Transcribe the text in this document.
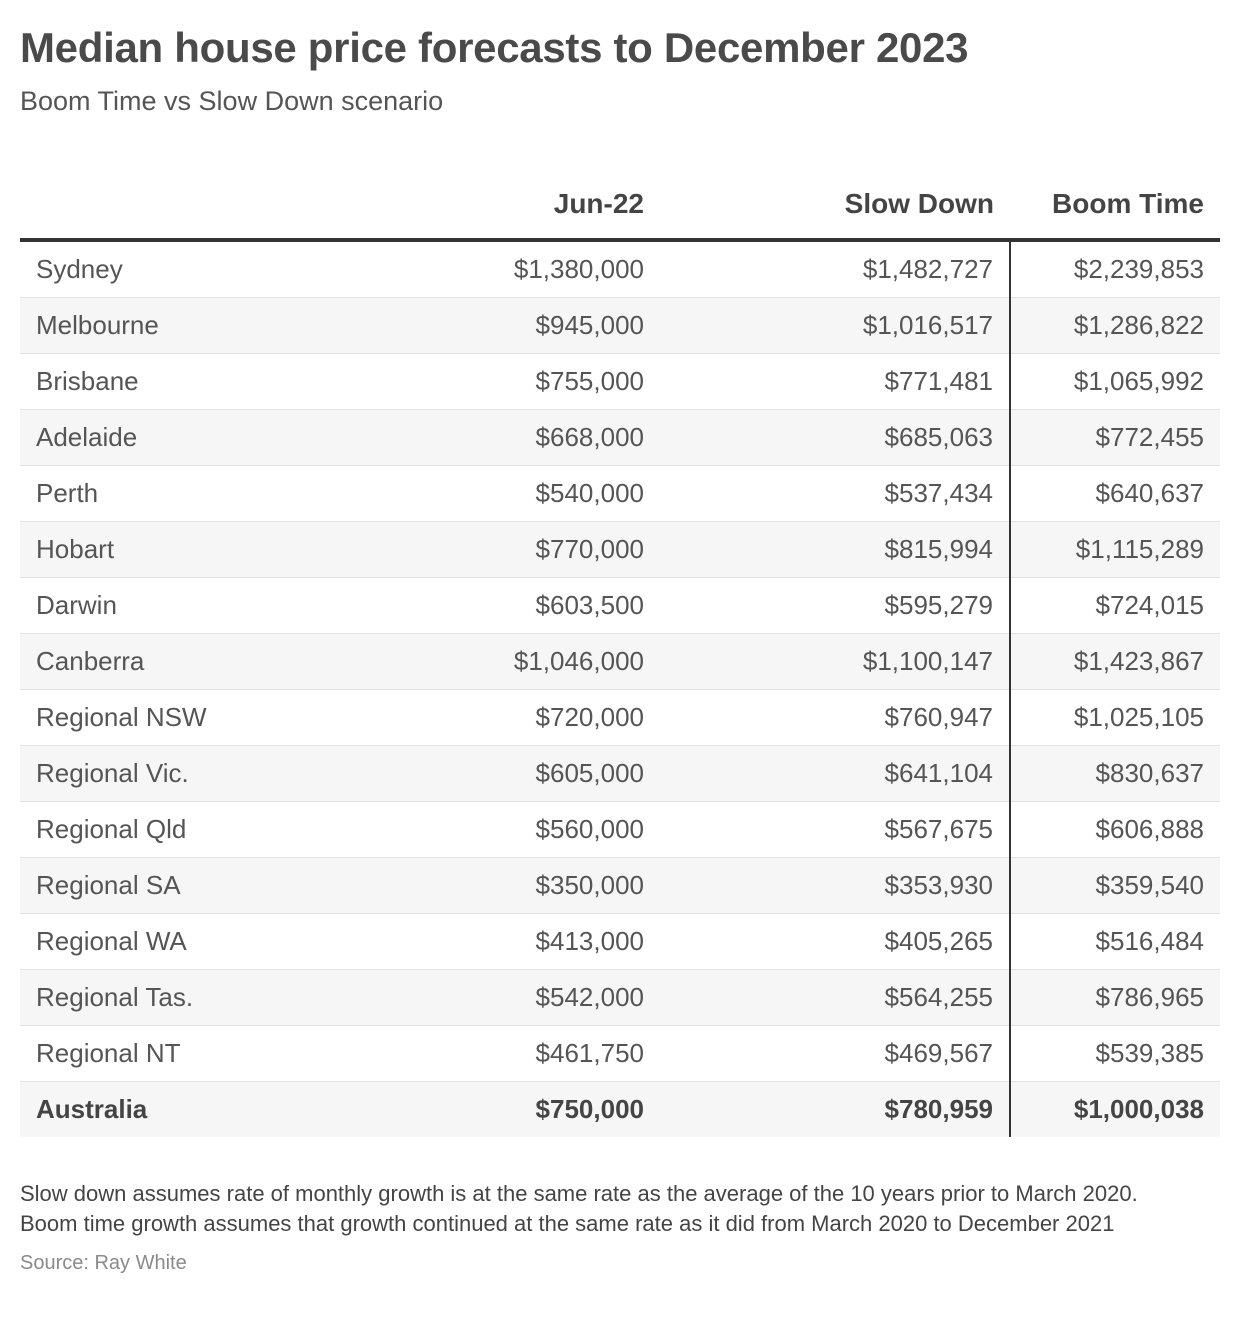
Median house price forecasts to December 2023
Boom Time vs Slow Down scenario
	Jun-22	Slow Down	Boom Time
Sydney	$1,380,000	$1,482,727	$2,239,853
Melbourne	$945,000	$1,016,517	$1,286,822
Brisbane	$755,000	$771,481	$1,065,992
Adelaide	$668,000	$685,063	$772,455
Perth	$540,000	$537,434	$640,637
Hobart	$770,000	$815,994	$1,115,289
Darwin	$603,500	$595,279	$724,015
Canberra	$1,046,000	$1,100,147	$1,423,867
Regional NSW	$720,000	$760,947	$1,025,105
Regional Vic.	$605,000	$641,104	$830,637
Regional Qld	$560,000	$567,675	$606,888
Regional SA	$350,000	$353,930	$359,540
Regional WA	$413,000	$405,265	$516,484
Regional Tas.	$542,000	$564,255	$786,965
Regional NT	$461,750	$469,567	$539,385
Australia	$750,000	$780,959	$1,000,038
Slow down assumes rate of monthly growth is at the same rate as the average of the 10 years prior to March 2020.
Boom time growth assumes that growth continued at the same rate as it did from March 2020 to December 2021
Source: Ray White
